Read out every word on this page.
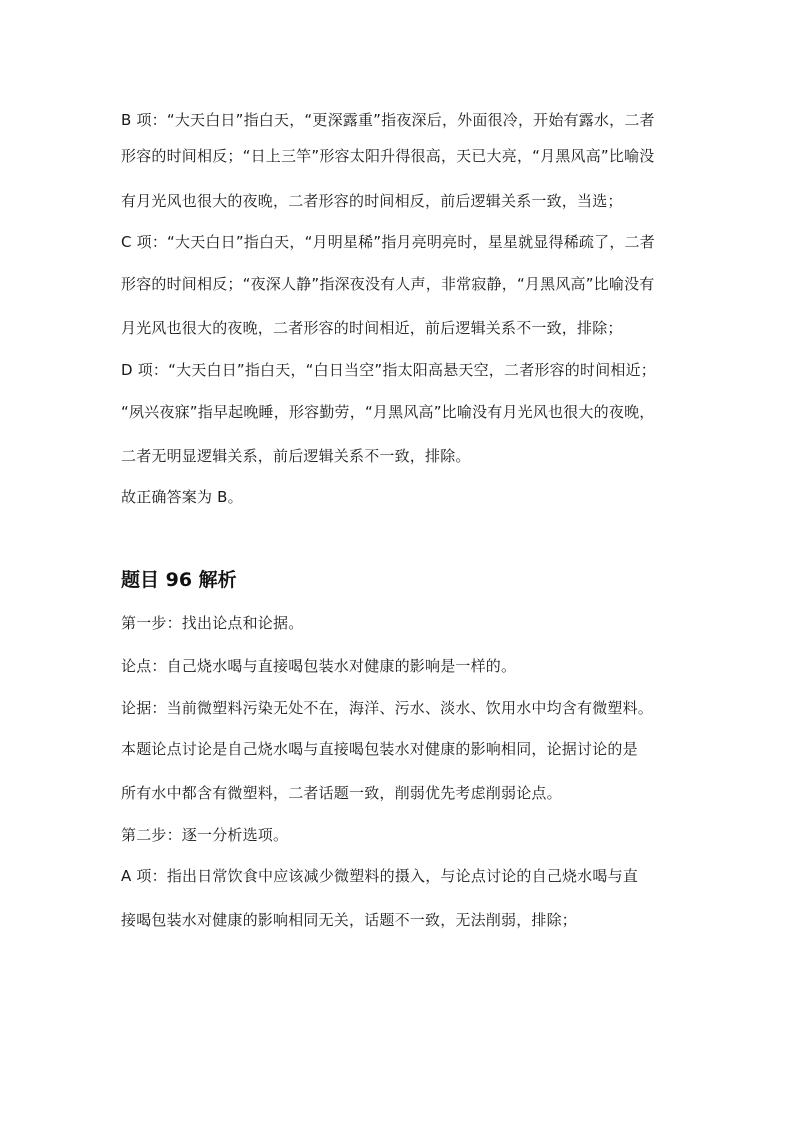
B 项：“大天白日”指白天，“更深露重”指夜深后，外面很冷，开始有露水，二者
形容的时间相反；“日上三竿”形容太阳升得很高，天已大亮，“月黑风高”比喻没
有月光风也很大的夜晚，二者形容的时间相反，前后逻辑关系一致，当选；
C 项：“大天白日”指白天，“月明星稀”指月亮明亮时，星星就显得稀疏了，二者
形容的时间相反；“夜深人静”指深夜没有人声，非常寂静，“月黑风高”比喻没有
月光风也很大的夜晚，二者形容的时间相近，前后逻辑关系不一致，排除；
D 项：“大天白日”指白天，“白日当空”指太阳高悬天空，二者形容的时间相近；
“夙兴夜寐”指早起晚睡，形容勤劳，“月黑风高”比喻没有月光风也很大的夜晚，
二者无明显逻辑关系，前后逻辑关系不一致，排除。
故正确答案为 B。
题目 96 解析
第一步：找出论点和论据。
论点：自己烧水喝与直接喝包装水对健康的影响是一样的。
论据：当前微塑料污染无处不在，海洋、污水、淡水、饮用水中均含有微塑料。
本题论点讨论是自己烧水喝与直接喝包装水对健康的影响相同，论据讨论的是
所有水中都含有微塑料，二者话题一致，削弱优先考虑削弱论点。
第二步：逐一分析选项。
A 项：指出日常饮食中应该减少微塑料的摄入，与论点讨论的自己烧水喝与直
接喝包装水对健康的影响相同无关，话题不一致，无法削弱，排除；
